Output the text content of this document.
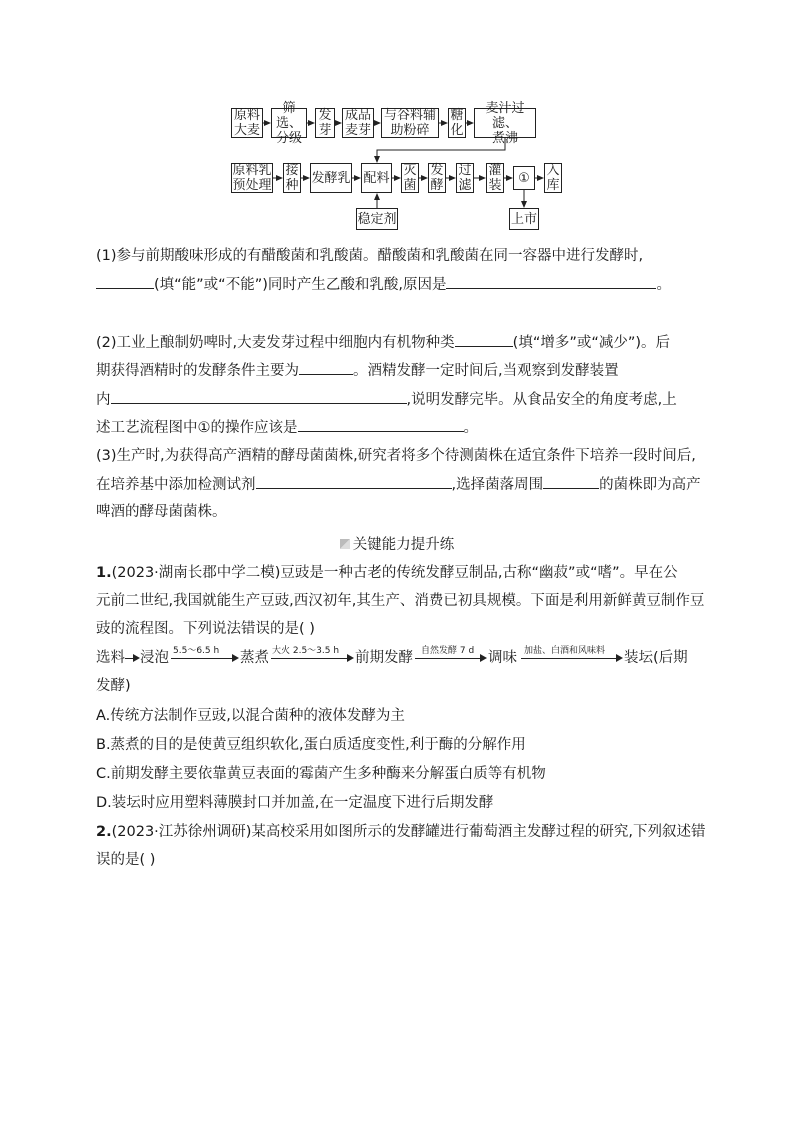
原料
大麦
筛选、
分级
发
芽
成品
麦芽
与谷料辅
助粉碎
糖
化
麦汁过滤、
煮沸
原料乳
预处理
接
种 发酵乳 配料 灭
菌
发
酵
过
滤
灌
装	①	入
库
稳定剂	上市
(1)参与前期酸味形成的有醋酸菌和乳酸菌。醋酸菌和乳酸菌在同一容器中进行发酵时,
(填“能”或“不能”)同时产生乙酸和乳酸,原因是	。
(2)工业上酿制奶啤时,大麦发芽过程中细胞内有机物种类	(填“增多”或“减少”)。后
期获得酒精时的发酵条件主要为	。酒精发酵一定时间后,当观察到发酵装置
内	,说明发酵完毕。从食品安全的角度考虑,上
述工艺流程图中①的操作应该是	。
(3)生产时,为获得高产酒精的酵母菌菌株,研究者将多个待测菌株在适宜条件下培养一段时间后,
在培养基中添加检测试剂	,选择菌落周围	的菌株即为高产
啤酒的酵母菌菌株。
关键能力提升练
1.(2023·湖南长郡中学二模)豆豉是一种古老的传统发酵豆制品,古称“幽菽”或“嗜”。早在公
元前二世纪,我国就能生产豆豉,西汉初年,其生产、消费已初具规模。下面是利用新鲜黄豆制作豆
豉的流程图。下列说法错误的是( )
选料 浸泡 5.5～6.5 h 蒸煮 大火 2.5～3.5 h 前期发酵 自然发酵 7 d 调味 加盐、白酒和风味料 装坛(后期
发酵)
A.传统方法制作豆豉,以混合菌种的液体发酵为主
B.蒸煮的目的是使黄豆组织软化,蛋白质适度变性,利于酶的分解作用
C.前期发酵主要依靠黄豆表面的霉菌产生多种酶来分解蛋白质等有机物
D.装坛时应用塑料薄膜封口并加盖,在一定温度下进行后期发酵
2.(2023·江苏徐州调研)某高校采用如图所示的发酵罐进行葡萄酒主发酵过程的研究,下列叙述错
误的是( )
